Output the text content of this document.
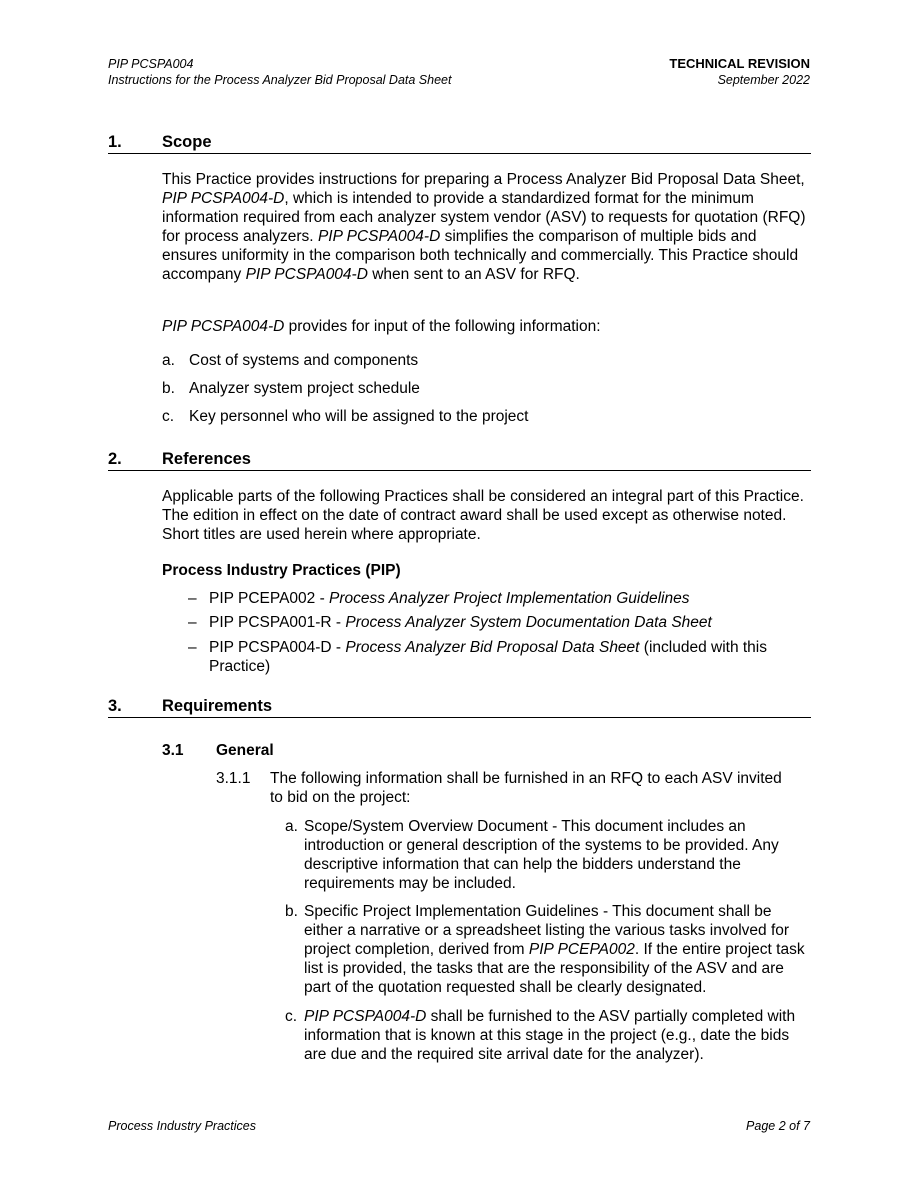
PIP PCSPA004
Instructions for the Process Analyzer Bid Proposal Data Sheet
TECHNICAL REVISION
September 2022
1. Scope
This Practice provides instructions for preparing a Process Analyzer Bid Proposal Data Sheet, PIP PCSPA004-D, which is intended to provide a standardized format for the minimum information required from each analyzer system vendor (ASV) to requests for quotation (RFQ) for process analyzers. PIP PCSPA004-D simplifies the comparison of multiple bids and ensures uniformity in the comparison both technically and commercially. This Practice should accompany PIP PCSPA004-D when sent to an ASV for RFQ.
PIP PCSPA004-D provides for input of the following information:
a. Cost of systems and components
b. Analyzer system project schedule
c. Key personnel who will be assigned to the project
2. References
Applicable parts of the following Practices shall be considered an integral part of this Practice. The edition in effect on the date of contract award shall be used except as otherwise noted. Short titles are used herein where appropriate.
Process Industry Practices (PIP)
– PIP PCEPA002 - Process Analyzer Project Implementation Guidelines
– PIP PCSPA001-R - Process Analyzer System Documentation Data Sheet
– PIP PCSPA004-D - Process Analyzer Bid Proposal Data Sheet (included with this Practice)
3. Requirements
3.1 General
3.1.1 The following information shall be furnished in an RFQ to each ASV invited to bid on the project:
a. Scope/System Overview Document - This document includes an introduction or general description of the systems to be provided. Any descriptive information that can help the bidders understand the requirements may be included.
b. Specific Project Implementation Guidelines - This document shall be either a narrative or a spreadsheet listing the various tasks involved for project completion, derived from PIP PCEPA002. If the entire project task list is provided, the tasks that are the responsibility of the ASV and are part of the quotation requested shall be clearly designated.
c. PIP PCSPA004-D shall be furnished to the ASV partially completed with information that is known at this stage in the project (e.g., date the bids are due and the required site arrival date for the analyzer).
Process Industry Practices	Page 2 of 7
